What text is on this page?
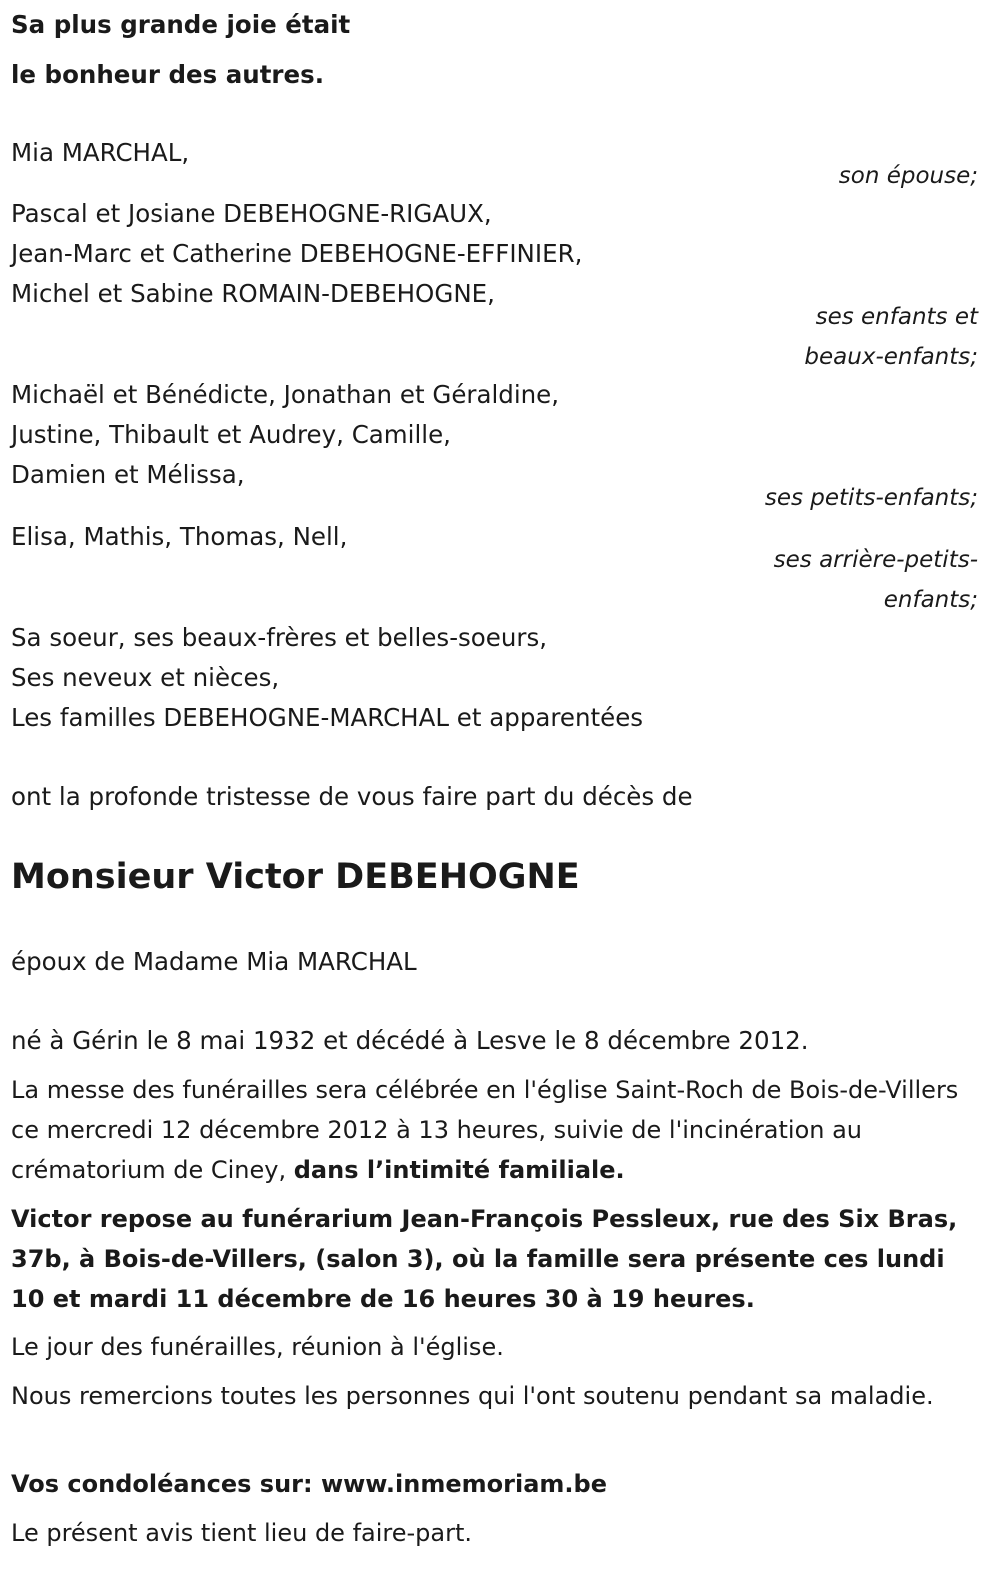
Sa plus grande joie était
le bonheur des autres.
Mia MARCHAL,
son épouse;
Pascal et Josiane DEBEHOGNE-RIGAUX,
Jean-Marc et Catherine DEBEHOGNE-EFFINIER,
Michel et Sabine ROMAIN-DEBEHOGNE,
ses enfants et
beaux-enfants;
Michaël et Bénédicte, Jonathan et Géraldine,
Justine, Thibault et Audrey, Camille,
Damien et Mélissa,
ses petits-enfants;
Elisa, Mathis, Thomas, Nell,
ses arrière-petits-
enfants;
Sa soeur, ses beaux-frères et belles-soeurs,
Ses neveux et nièces,
Les familles DEBEHOGNE-MARCHAL et apparentées
ont la profonde tristesse de vous faire part du décès de
Monsieur Victor DEBEHOGNE
époux de Madame Mia MARCHAL
né à Gérin le 8 mai 1932 et décédé à Lesve le 8 décembre 2012.
La messe des funérailles sera célébrée en l'église Saint-Roch de Bois-de-Villers ce mercredi 12 décembre 2012 à 13 heures, suivie de l'incinération au crématorium de Ciney, dans l’intimité familiale.
Victor repose au funérarium Jean-François Pessleux, rue des Six Bras, 37b, à Bois-de-Villers, (salon 3), où la famille sera présente ces lundi 10 et mardi 11 décembre de 16 heures 30 à 19 heures.
Le jour des funérailles, réunion à l'église.
Nous remercions toutes les personnes qui l'ont soutenu pendant sa maladie.
Vos condoléances sur: www.inmemoriam.be
Le présent avis tient lieu de faire-part.
